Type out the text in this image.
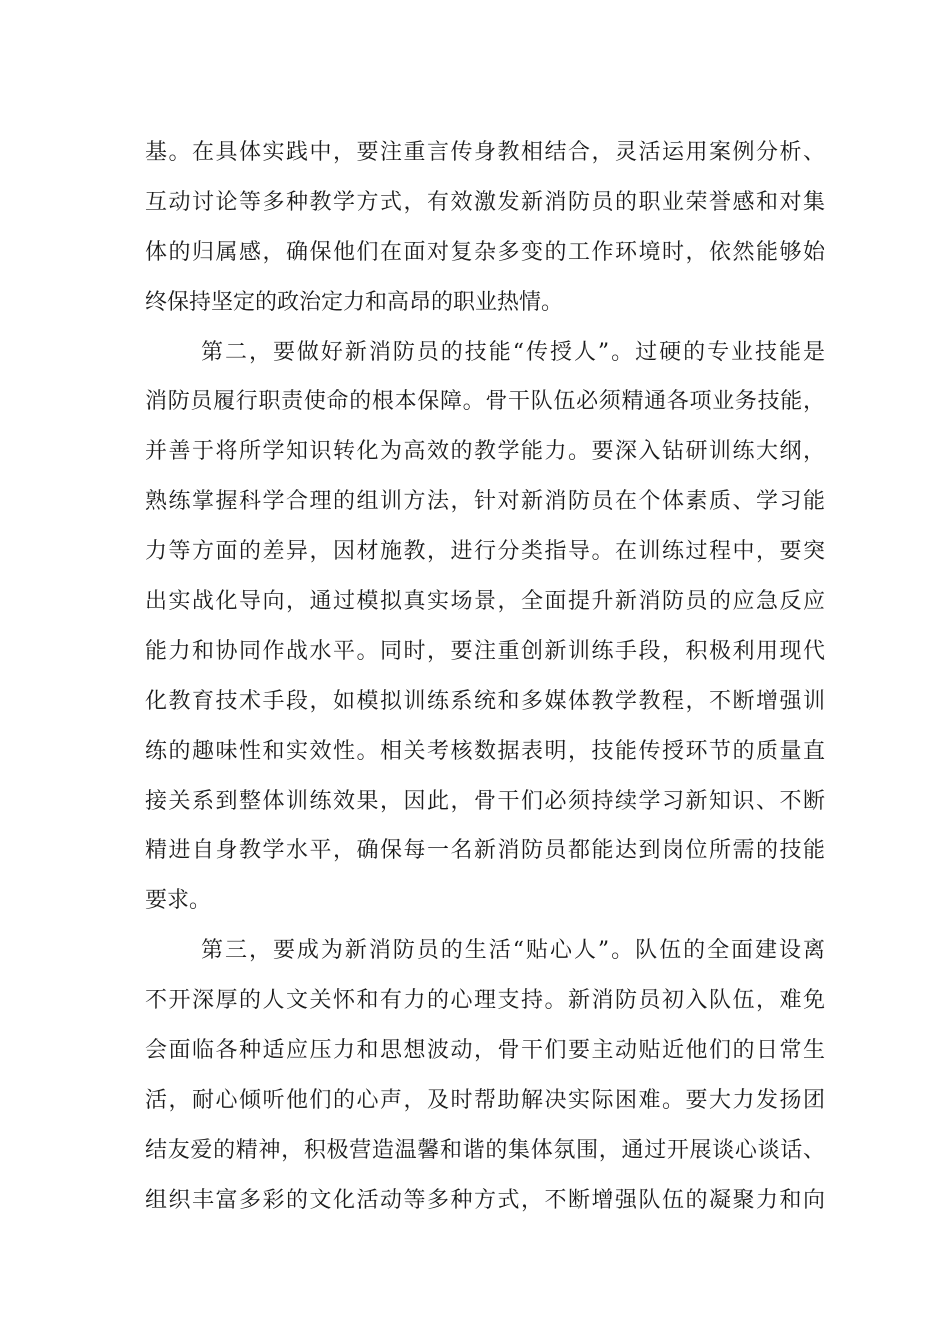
基。在具体实践中，要注重言传身教相结合，灵活运用案例分析、
互动讨论等多种教学方式，有效激发新消防员的职业荣誉感和对集
体的归属感，确保他们在面对复杂多变的工作环境时，依然能够始
终保持坚定的政治定力和高昂的职业热情。
第二，要做好新消防员的技能“传授人”。过硬的专业技能是
消防员履行职责使命的根本保障。骨干队伍必须精通各项业务技能，
并善于将所学知识转化为高效的教学能力。要深入钻研训练大纲，
熟练掌握科学合理的组训方法，针对新消防员在个体素质、学习能
力等方面的差异，因材施教，进行分类指导。在训练过程中，要突
出实战化导向，通过模拟真实场景，全面提升新消防员的应急反应
能力和协同作战水平。同时，要注重创新训练手段，积极利用现代
化教育技术手段，如模拟训练系统和多媒体教学教程，不断增强训
练的趣味性和实效性。相关考核数据表明，技能传授环节的质量直
接关系到整体训练效果，因此，骨干们必须持续学习新知识、不断
精进自身教学水平，确保每一名新消防员都能达到岗位所需的技能
要求。
第三，要成为新消防员的生活“贴心人”。队伍的全面建设离
不开深厚的人文关怀和有力的心理支持。新消防员初入队伍，难免
会面临各种适应压力和思想波动，骨干们要主动贴近他们的日常生
活，耐心倾听他们的心声，及时帮助解决实际困难。要大力发扬团
结友爱的精神，积极营造温馨和谐的集体氛围，通过开展谈心谈话、
组织丰富多彩的文化活动等多种方式，不断增强队伍的凝聚力和向
